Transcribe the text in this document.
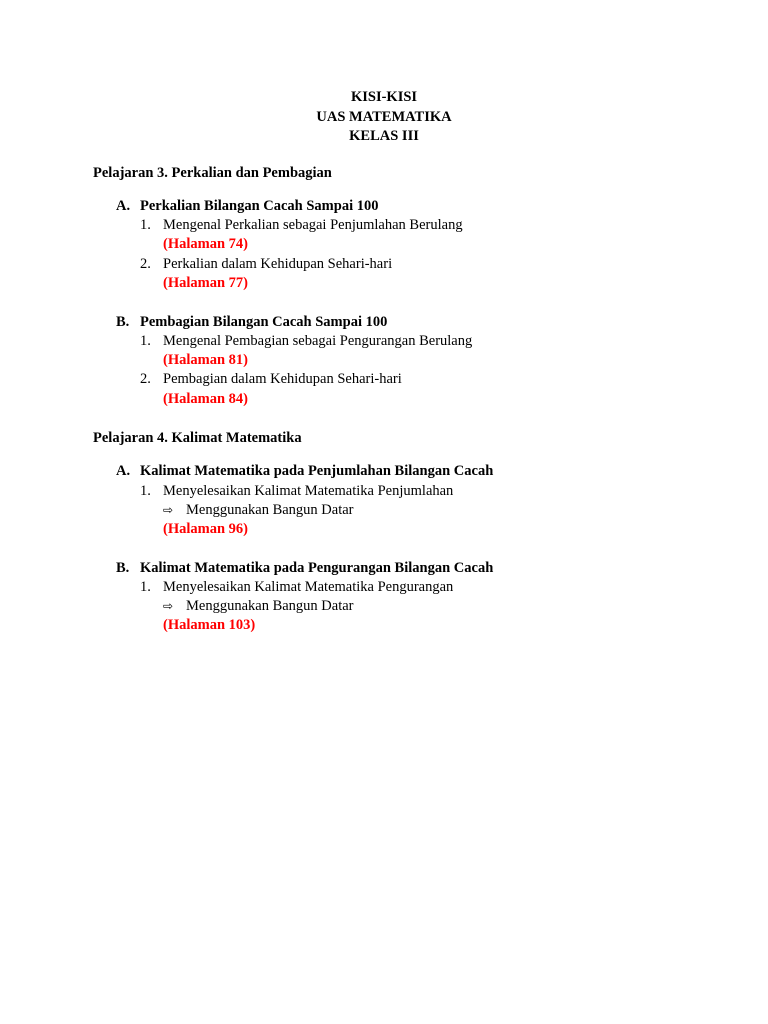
KISI-KISI
UAS MATEMATIKA
KELAS III
Pelajaran 3. Perkalian dan Pembagian
A. Perkalian Bilangan Cacah Sampai 100
1. Mengenal Perkalian sebagai Penjumlahan Berulang
(Halaman 74)
2. Perkalian dalam Kehidupan Sehari-hari
(Halaman 77)
B. Pembagian Bilangan Cacah Sampai 100
1. Mengenal Pembagian sebagai Pengurangan Berulang
(Halaman 81)
2. Pembagian dalam Kehidupan Sehari-hari
(Halaman 84)
Pelajaran 4. Kalimat Matematika
A. Kalimat Matematika pada Penjumlahan Bilangan Cacah
1. Menyelesaikan Kalimat Matematika Penjumlahan
⇨ Menggunakan Bangun Datar
(Halaman 96)
B. Kalimat Matematika pada Pengurangan Bilangan Cacah
1. Menyelesaikan Kalimat Matematika Pengurangan
⇨ Menggunakan Bangun Datar
(Halaman 103)
